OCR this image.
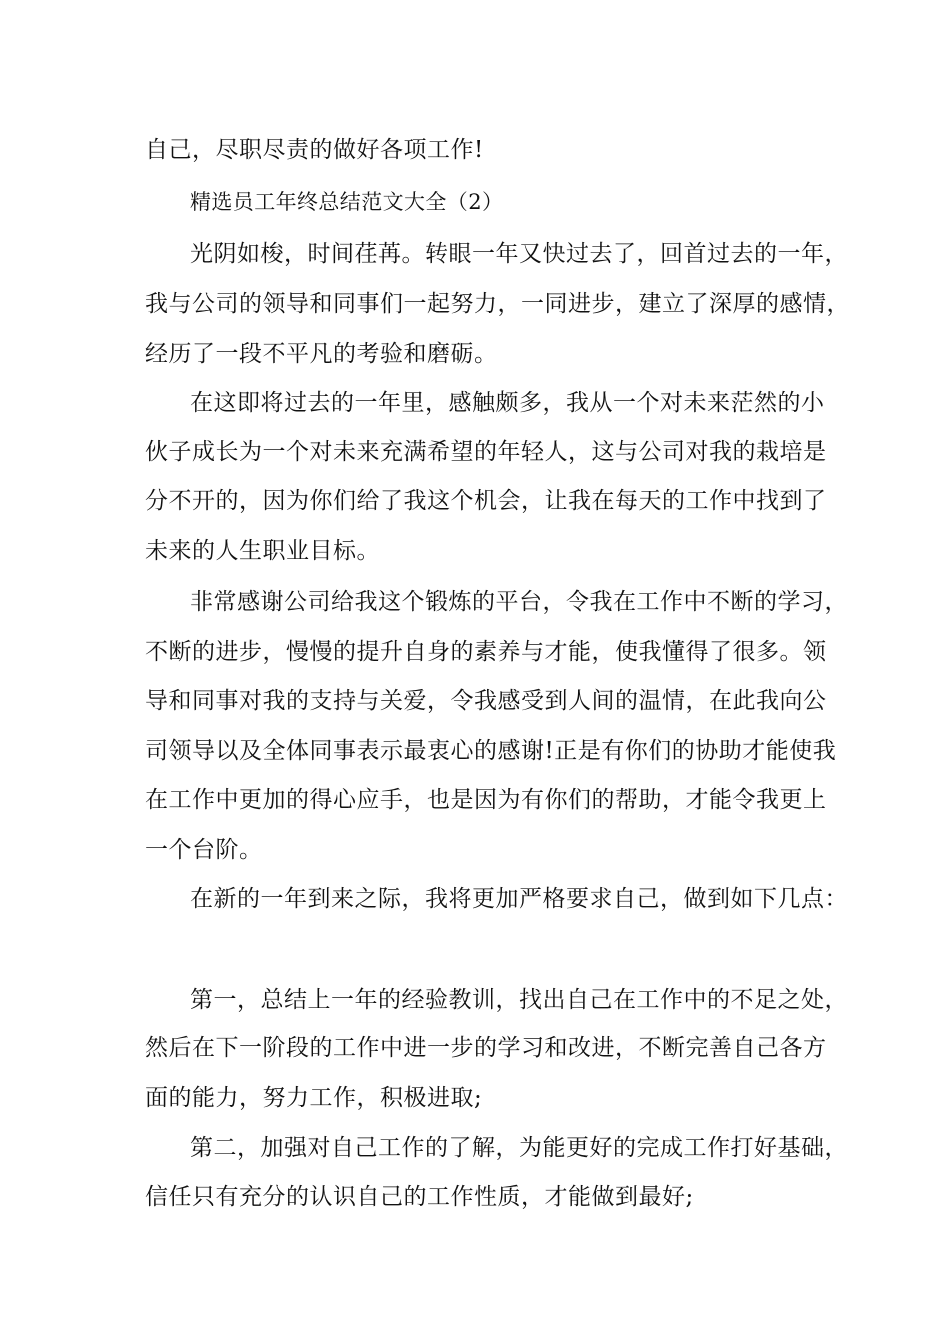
自己，尽职尽责的做好各项工作!
精选员工年终总结范文大全（2）
光阴如梭，时间荏苒。转眼一年又快过去了，回首过去的一年，
我与公司的领导和同事们一起努力，一同进步，建立了深厚的感情，
经历了一段不平凡的考验和磨砺。
在这即将过去的一年里，感触颇多，我从一个对未来茫然的小
伙子成长为一个对未来充满希望的年轻人，这与公司对我的栽培是
分不开的，因为你们给了我这个机会，让我在每天的工作中找到了
未来的人生职业目标。
非常感谢公司给我这个锻炼的平台，令我在工作中不断的学习，
不断的进步，慢慢的提升自身的素养与才能，使我懂得了很多。领
导和同事对我的支持与关爱，令我感受到人间的温情，在此我向公
司领导以及全体同事表示最衷心的感谢!正是有你们的协助才能使我
在工作中更加的得心应手，也是因为有你们的帮助，才能令我更上
一个台阶。
在新的一年到来之际，我将更加严格要求自己，做到如下几点：
第一，总结上一年的经验教训，找出自己在工作中的不足之处，
然后在下一阶段的工作中进一步的学习和改进，不断完善自己各方
面的能力，努力工作，积极进取;
第二，加强对自己工作的了解，为能更好的完成工作打好基础，
信任只有充分的认识自己的工作性质，才能做到最好;
